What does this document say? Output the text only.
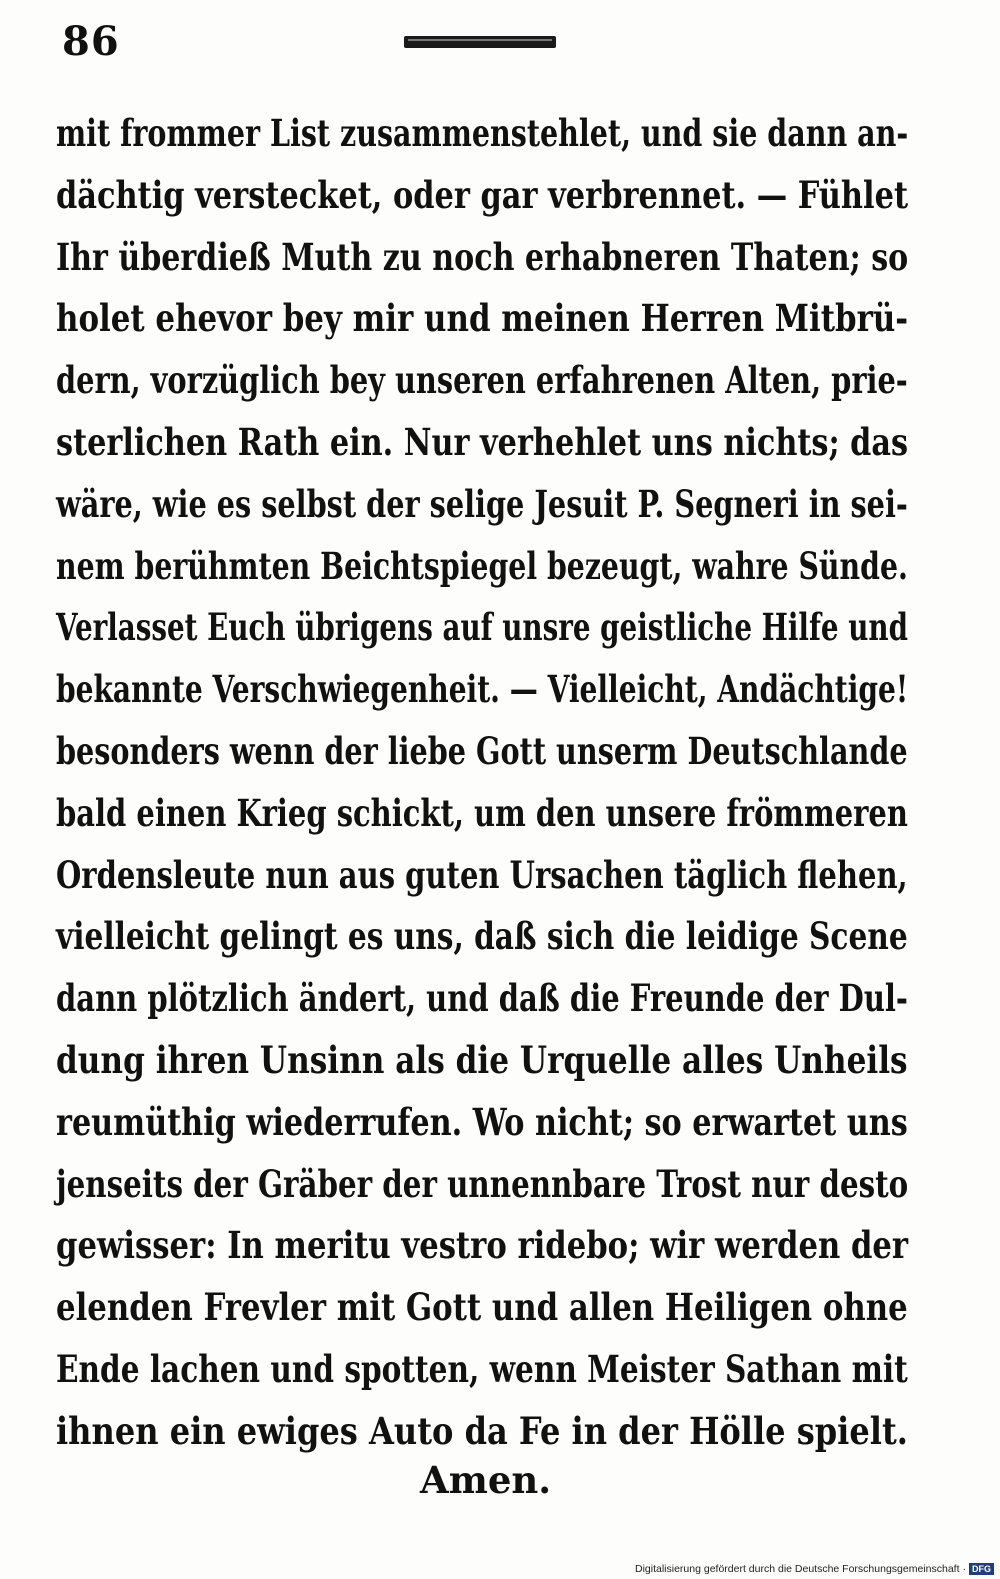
86
mit frommer List zusammenstehlet, und sie dann an-
dächtig verstecket, oder gar verbrennet. — Fühlet
Ihr überdieß Muth zu noch erhabneren Thaten; so
holet ehevor bey mir und meinen Herren Mitbrü-
dern, vorzüglich bey unseren erfahrenen Alten, prie-
sterlichen Rath ein. Nur verhehlet uns nichts; das
wäre, wie es selbst der selige Jesuit P. Segneri in sei-
nem berühmten Beichtspiegel bezeugt, wahre Sünde.
Verlasset Euch übrigens auf unsre geistliche Hilfe und
bekannte Verschwiegenheit. — Vielleicht, Andächtige!
besonders wenn der liebe Gott unserm Deutschlande
bald einen Krieg schickt, um den unsere frömmeren
Ordensleute nun aus guten Ursachen täglich flehen,
vielleicht gelingt es uns, daß sich die leidige Scene
dann plötzlich ändert, und daß die Freunde der Dul-
dung ihren Unsinn als die Urquelle alles Unheils
reumüthig wiederrufen. Wo nicht; so erwartet uns
jenseits der Gräber der unnennbare Trost nur desto
gewisser: In meritu vestro ridebo; wir werden der
elenden Frevler mit Gott und allen Heiligen ohne
Ende lachen und spotten, wenn Meister Sathan mit
ihnen ein ewiges Auto da Fe in der Hölle spielt.
Amen.
Digitalisierung gefördert durch die Deutsche Forschungsgemeinschaft · DFG
